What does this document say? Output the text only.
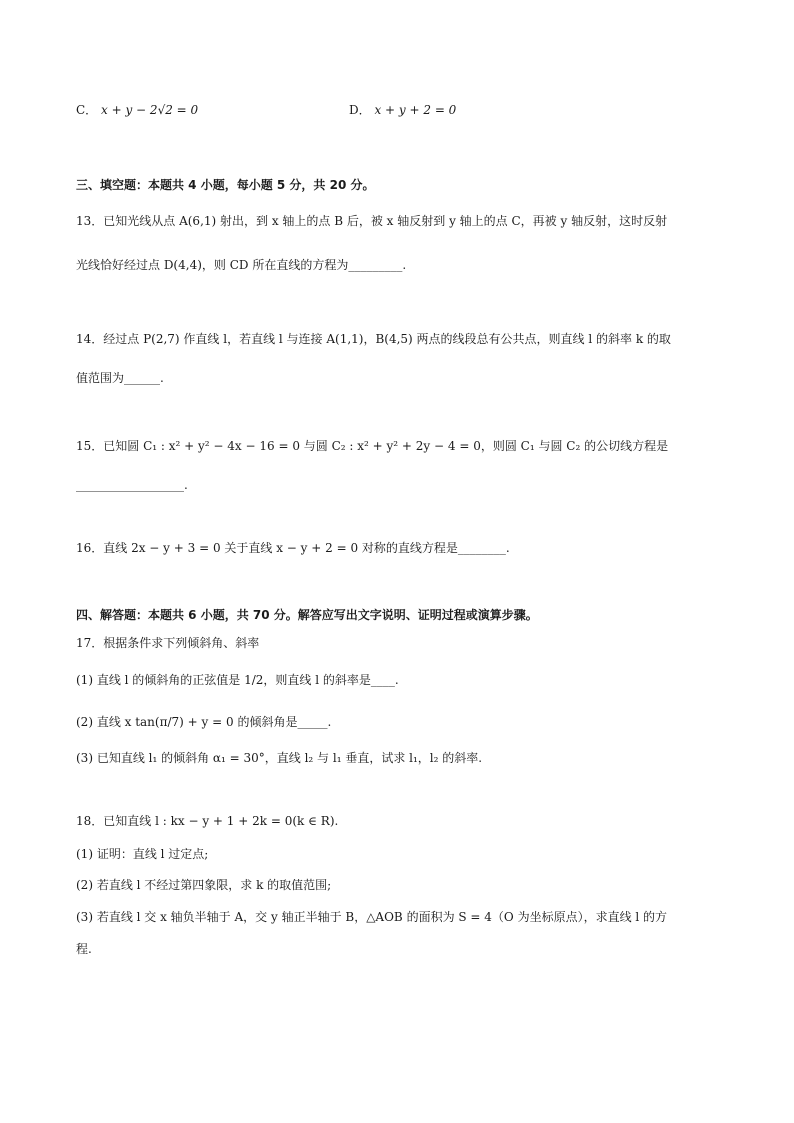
C． x + y − 2√2 = 0	D． x + y + 2 = 0
三、填空题：本题共 4 小题，每小题 5 分，共 20 分。
13．已知光线从点 A(6,1) 射出，到 x 轴上的点 B 后，被 x 轴反射到 y 轴上的点 C，再被 y 轴反射，这时反射
光线恰好经过点 D(4,4)，则 CD 所在直线的方程为_________.
14．经过点 P(2,7) 作直线 l，若直线 l 与连接 A(1,1)，B(4,5) 两点的线段总有公共点，则直线 l 的斜率 k 的取
值范围为______.
15．已知圆 C₁ : x² + y² − 4x − 16 = 0 与圆 C₂ : x² + y² + 2y − 4 = 0，则圆 C₁ 与圆 C₂ 的公切线方程是
__________________.
16．直线 2x − y + 3 = 0 关于直线 x − y + 2 = 0 对称的直线方程是________.
四、解答题：本题共 6 小题，共 70 分。解答应写出文字说明、证明过程或演算步骤。
17．根据条件求下列倾斜角、斜率
(1) 直线 l 的倾斜角的正弦值是 1/2，则直线 l 的斜率是____.
(2) 直线 x tan(π/7) + y = 0 的倾斜角是_____.
(3) 已知直线 l₁ 的倾斜角 α₁ = 30°，直线 l₂ 与 l₁ 垂直，试求 l₁，l₂ 的斜率.
18．已知直线 l : kx − y + 1 + 2k = 0(k ∈ R).
(1) 证明：直线 l 过定点;
(2) 若直线 l 不经过第四象限，求 k 的取值范围;
(3) 若直线 l 交 x 轴负半轴于 A，交 y 轴正半轴于 B，△AOB 的面积为 S = 4（O 为坐标原点），求直线 l 的方
程.
